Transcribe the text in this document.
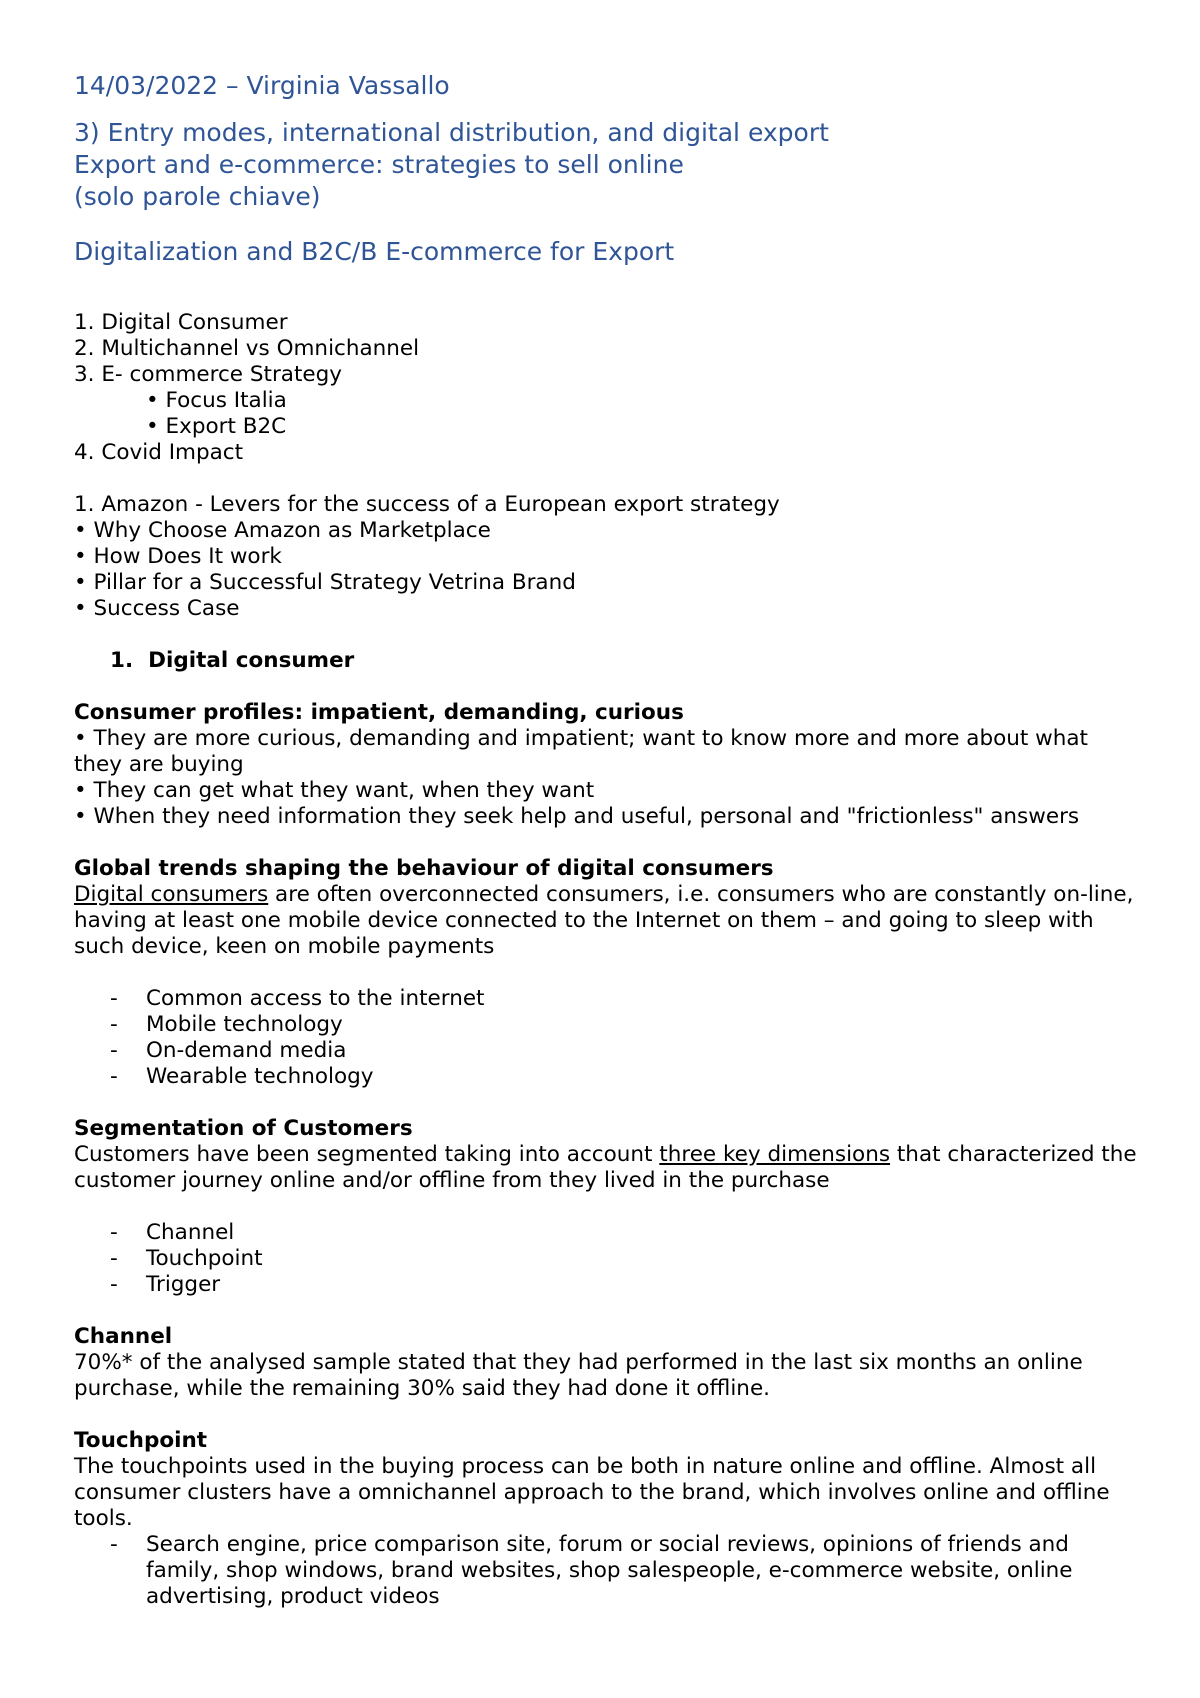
14/03/2022 – Virginia Vassallo
3) Entry modes, international distribution, and digital export
Export and e-commerce: strategies to sell online
(solo parole chiave)
Digitalization and B2C/B E-commerce for Export
1. Digital Consumer
2. Multichannel vs Omnichannel
3. E- commerce Strategy
• Focus Italia
• Export B2C
4. Covid Impact
1. Amazon - Levers for the success of a European export strategy
• Why Choose Amazon as Marketplace
• How Does It work
• Pillar for a Successful Strategy Vetrina Brand
• Success Case
1. Digital consumer
Consumer profiles: impatient, demanding, curious
• They are more curious, demanding and impatient; want to know more and more about what they are buying
• They can get what they want, when they want
• When they need information they seek help and useful, personal and "frictionless" answers
Global trends shaping the behaviour of digital consumers
Digital consumers are often overconnected consumers, i.e. consumers who are constantly on-line, having at least one mobile device connected to the Internet on them – and going to sleep with such device, keen on mobile payments
-	Common access to the internet
-	Mobile technology
-	On-demand media
-	Wearable technology
Segmentation of Customers
Customers have been segmented taking into account three key dimensions that characterized the customer journey online and/or offline from they lived in the purchase
-	Channel
-	Touchpoint
-	Trigger
Channel
70%* of the analysed sample stated that they had performed in the last six months an online purchase, while the remaining 30% said they had done it offline.
Touchpoint
The touchpoints used in the buying process can be both in nature online and offline. Almost all consumer clusters have a omnichannel approach to the brand, which involves online and offline tools.
-	Search engine, price comparison site, forum or social reviews, opinions of friends and family, shop windows, brand websites, shop salespeople, e-commerce website, online advertising, product videos
